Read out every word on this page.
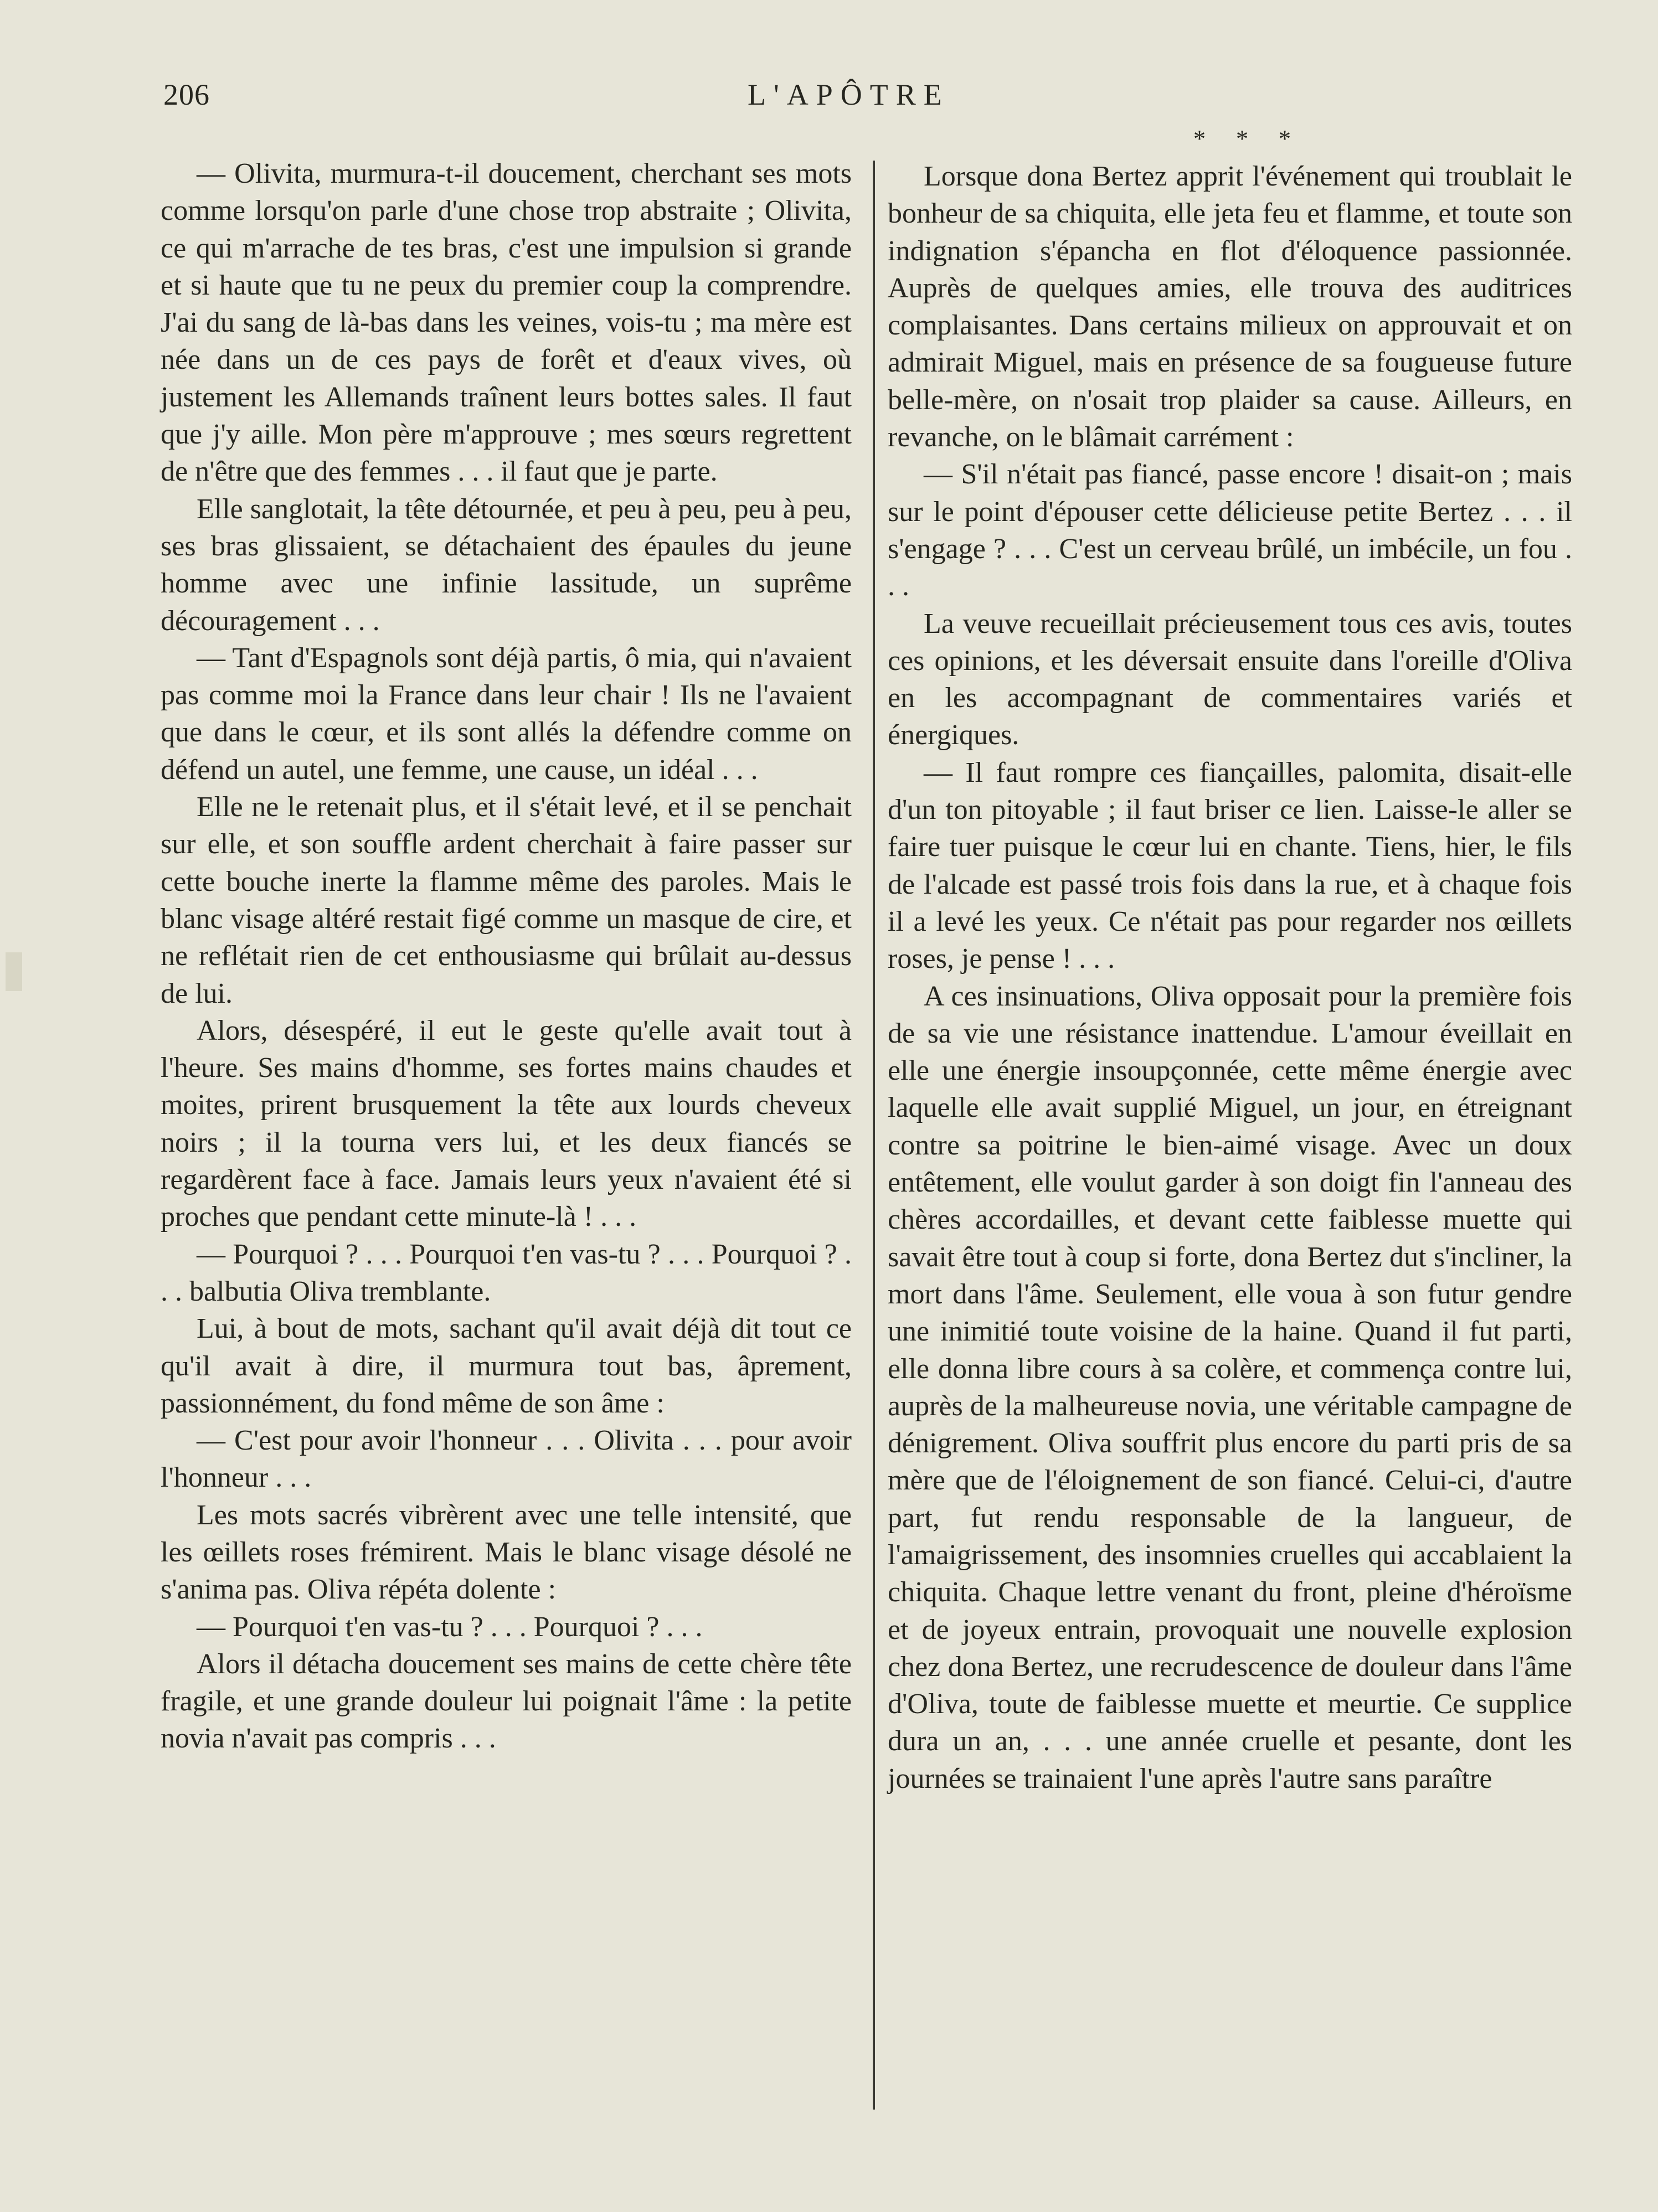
206	L'APÔTRE
* * *

— Olivita, murmura-t-il doucement, cherchant ses mots comme lorsqu'on parle d'une chose trop abstraite ; Olivita, ce qui m'arrache de tes bras, c'est une impulsion si grande et si haute que tu ne peux du premier coup la comprendre. J'ai du sang de là-bas dans les veines, vois-tu ; ma mère est née dans un de ces pays de forêt et d'eaux vives, où justement les Allemands traînent leurs bottes sales. Il faut que j'y aille. Mon père m'approuve ; mes sœurs regrettent de n'être que des femmes . . . il faut que je parte.

Elle sanglotait, la tête détournée, et peu à peu, peu à peu, ses bras glissaient, se détachaient des épaules du jeune homme avec une infinie lassitude, un suprême découragement . . .

— Tant d'Espagnols sont déjà partis, ô mia, qui n'avaient pas comme moi la France dans leur chair ! Ils ne l'avaient que dans le cœur, et ils sont allés la défendre comme on défend un autel, une femme, une cause, un idéal . . .

Elle ne le retenait plus, et il s'était levé, et il se penchait sur elle, et son souffle ardent cherchait à faire passer sur cette bouche inerte la flamme même des paroles. Mais le blanc visage altéré restait figé comme un masque de cire, et ne reflétait rien de cet enthousiasme qui brûlait au-dessus de lui.

Alors, désespéré, il eut le geste qu'elle avait tout à l'heure. Ses mains d'homme, ses fortes mains chaudes et moites, prirent brusquement la tête aux lourds cheveux noirs ; il la tourna vers lui, et les deux fiancés se regardèrent face à face. Jamais leurs yeux n'avaient été si proches que pendant cette minute-là ! . . .

— Pourquoi ? . . . Pourquoi t'en vas-tu ? . . . Pourquoi ? . . . balbutia Oliva tremblante.

Lui, à bout de mots, sachant qu'il avait déjà dit tout ce qu'il avait à dire, il murmura tout bas, âprement, passionnément, du fond même de son âme :

— C'est pour avoir l'honneur . . . Olivita . . . pour avoir l'honneur . . .

Les mots sacrés vibrèrent avec une telle intensité, que les œillets roses frémirent. Mais le blanc visage désolé ne s'anima pas. Oliva répéta dolente :

— Pourquoi t'en vas-tu ? . . . Pourquoi ? . . .

Alors il détacha doucement ses mains de cette chère tête fragile, et une grande douleur lui poignait l'âme : la petite novia n'avait pas compris . . .

Lorsque dona Bertez apprit l'événement qui troublait le bonheur de sa chiquita, elle jeta feu et flamme, et toute son indignation s'épancha en flot d'éloquence passionnée. Auprès de quelques amies, elle trouva des auditrices complaisantes. Dans certains milieux on approuvait et on admirait Miguel, mais en présence de sa fougueuse future belle-mère, on n'osait trop plaider sa cause. Ailleurs, en revanche, on le blâmait carrément :

— S'il n'était pas fiancé, passe encore ! disait-on ; mais sur le point d'épouser cette délicieuse petite Bertez . . . il s'engage ? . . . C'est un cerveau brûlé, un imbécile, un fou . . .

La veuve recueillait précieusement tous ces avis, toutes ces opinions, et les déversait ensuite dans l'oreille d'Oliva en les accompagnant de commentaires variés et énergiques.

— Il faut rompre ces fiançailles, palomita, disait-elle d'un ton pitoyable ; il faut briser ce lien. Laisse-le aller se faire tuer puisque le cœur lui en chante. Tiens, hier, le fils de l'alcade est passé trois fois dans la rue, et à chaque fois il a levé les yeux. Ce n'était pas pour regarder nos œillets roses, je pense ! . . .

A ces insinuations, Oliva opposait pour la première fois de sa vie une résistance inattendue. L'amour éveillait en elle une énergie insoupçonnée, cette même énergie avec laquelle elle avait supplié Miguel, un jour, en étreignant contre sa poitrine le bien-aimé visage. Avec un doux entêtement, elle voulut garder à son doigt fin l'anneau des chères accordailles, et devant cette faiblesse muette qui savait être tout à coup si forte, dona Bertez dut s'incliner, la mort dans l'âme. Seulement, elle voua à son futur gendre une inimitié toute voisine de la haine. Quand il fut parti, elle donna libre cours à sa colère, et commença contre lui, auprès de la malheureuse novia, une véritable campagne de dénigrement. Oliva souffrit plus encore du parti pris de sa mère que de l'éloignement de son fiancé. Celui-ci, d'autre part, fut rendu responsable de la langueur, de l'amaigrissement, des insomnies cruelles qui accablaient la chiquita. Chaque lettre venant du front, pleine d'héroïsme et de joyeux entrain, provoquait une nouvelle explosion chez dona Bertez, une recrudescence de douleur dans l'âme d'Oliva, toute de faiblesse muette et meurtie. Ce supplice dura un an, . . . une année cruelle et pesante, dont les journées se trainaient l'une après l'autre sans paraître
